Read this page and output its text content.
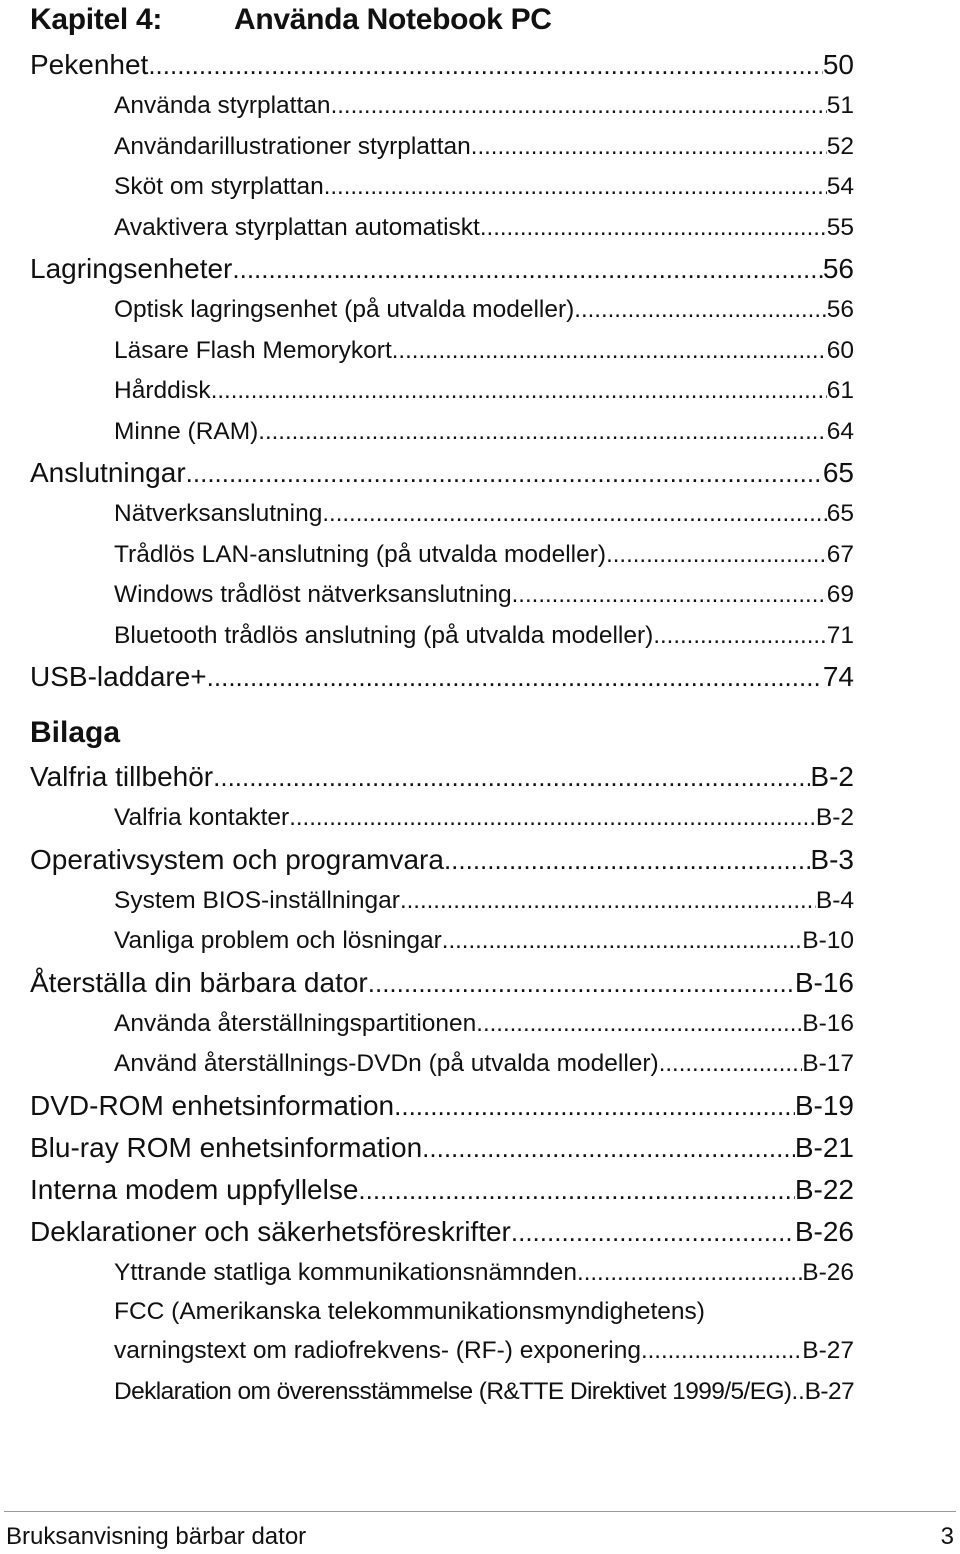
Kapitel 4:	Använda Notebook PC
Pekenhet .....	50
Använda styrplattan .....	51
Användarillustrationer styrplattan .....	52
Sköt om styrplattan .....	54
Avaktivera styrplattan automatiskt .....	55
Lagringsenheter .....	56
Optisk lagringsenhet (på utvalda modeller) .....	56
Läsare Flash Memorykort .....	60
Hårddisk .....	61
Minne (RAM) .....	64
Anslutningar .....	65
Nätverksanslutning .....	65
Trådlös LAN-anslutning (på utvalda modeller) .....	67
Windows trådlöst nätverksanslutning .....	69
Bluetooth trådlös anslutning (på utvalda modeller) .....	71
USB-laddare+ .....	74
Bilaga
Valfria tillbehör .....	B-2
Valfria kontakter .....	B-2
Operativsystem och programvara .....	B-3
System BIOS-inställningar .....	B-4
Vanliga problem och lösningar .....	B-10
Återställa din bärbara dator .....	B-16
Använda återställningspartitionen .....	B-16
Använd återställnings-DVDn (på utvalda modeller) .....	B-17
DVD-ROM enhetsinformation .....	B-19
Blu-ray ROM enhetsinformation .....	B-21
Interna modem uppfyllelse .....	B-22
Deklarationer och säkerhetsföreskrifter .....	B-26
Yttrande statliga kommunikationsnämnden .....	B-26
FCC (Amerikanska telekommunikationsmyndighetens)
varningstext om radiofrekvens- (RF-) exponering .....	B-27
Deklaration om överensstämmelse (R&TTE Direktivet 1999/5/EG) ..... B-27
Bruksanvisning bärbar dator	3
